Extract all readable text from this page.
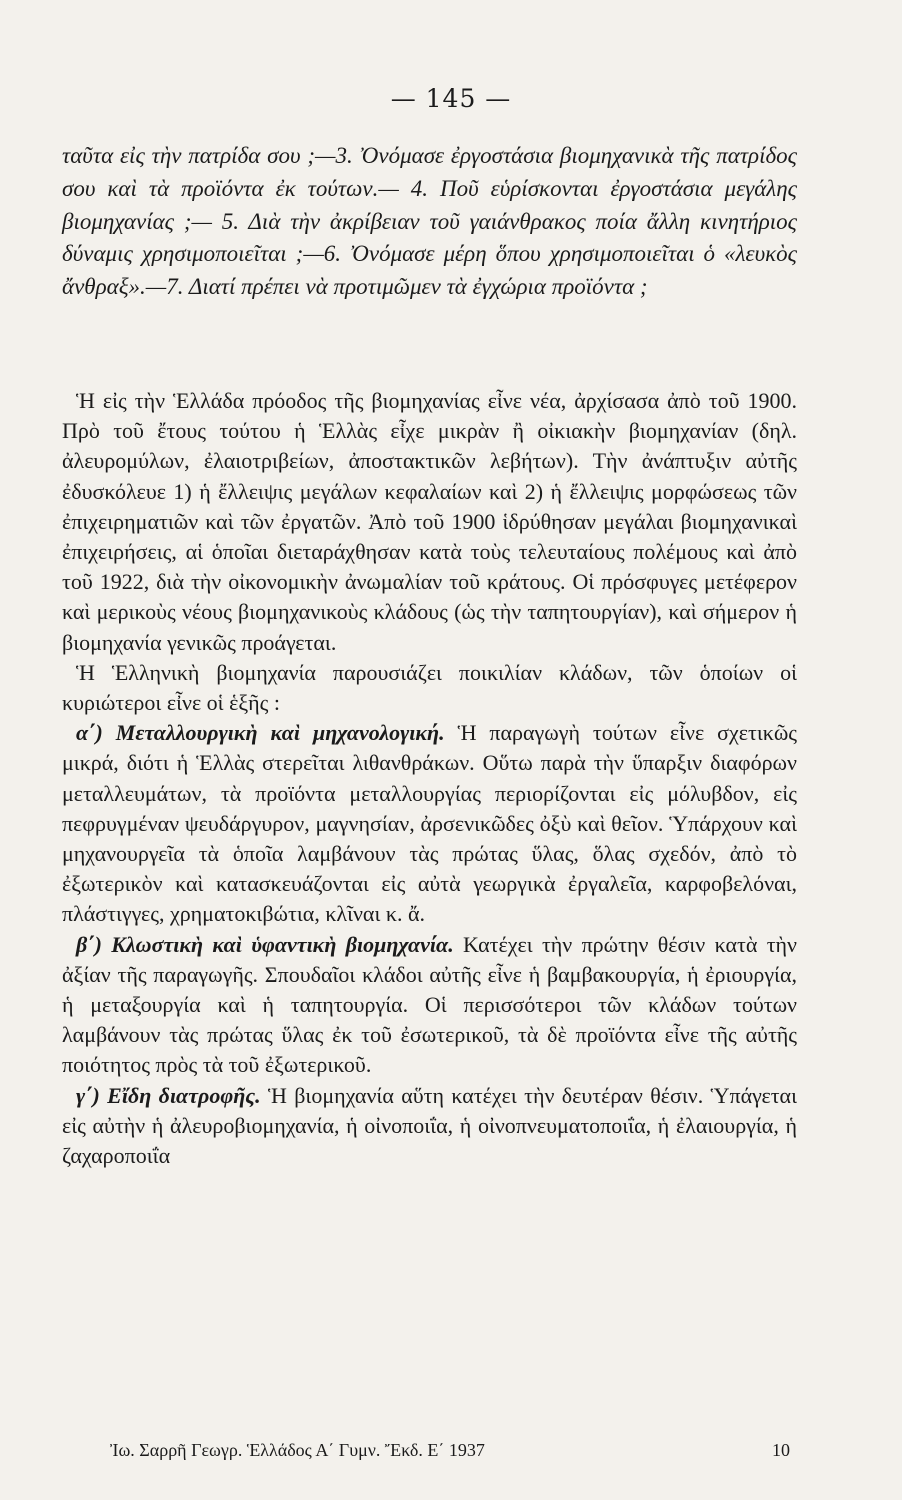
— 145 —
ταῦτα εἰς τὴν πατρίδα σου ;—3. Ὀνόμασε ἐργοστάσια βιομηχανικὰ τῆς πατρίδος σου καὶ τὰ προϊόντα ἐκ τούτων.— 4. Ποῦ εὑρίσκονται ἐργοστάσια μεγάλης βιομηχανίας ;— 5. Διὰ τὴν ἀκρίβειαν τοῦ γαιάνθρακος ποία ἄλλη κινητήριος δύναμις χρησιμοποιεῖται ;—6. Ὀνόμασε μέρη ὅπου χρησιμοποιεῖται ὁ «λευκὸς ἄνθραξ».—7. Διατί πρέπει νὰ προτιμῶμεν τὰ ἐγχώρια προϊόντα ;

Ἡ εἰς τὴν Ἑλλάδα πρόοδος τῆς βιομηχανίας εἶνε νέα, ἀρχίσασα ἀπὸ τοῦ 1900. Πρὸ τοῦ ἔτους τούτου ἡ Ἑλλὰς εἶχε μικρὰν ἢ οἰκιακὴν βιομηχανίαν (δηλ. ἀλευρομύλων, ἐλαιοτριβείων, ἀποστακτικῶν λεβήτων). Τὴν ἀνάπτυξιν αὐτῆς ἐδυσκόλευε 1) ἡ ἔλλειψις μεγάλων κεφαλαίων καὶ 2) ἡ ἔλλειψις μορφώσεως τῶν ἐπιχειρηματιῶν καὶ τῶν ἐργατῶν. Ἀπὸ τοῦ 1900 ἱδρύθησαν μεγάλαι βιομηχανικαὶ ἐπιχειρήσεις, αἱ ὁποῖαι διεταράχθησαν κατὰ τοὺς τελευταίους πολέμους καὶ ἀπὸ τοῦ 1922, διὰ τὴν οἰκονομικὴν ἀνωμαλίαν τοῦ κράτους. Οἱ πρόσφυγες μετέφερον καὶ μερικοὺς νέους βιομηχανικοὺς κλάδους (ὡς τὴν ταπητουργίαν), καὶ σήμερον ἡ βιομηχανία γενικῶς προάγεται.

Ἡ Ἑλληνικὴ βιομηχανία παρουσιάζει ποικιλίαν κλάδων, τῶν ὁποίων οἱ κυριώτεροι εἶνε οἱ ἑξῆς :

α΄) Μεταλλουργικὴ καὶ μηχανολογική. Ἡ παραγωγὴ τούτων εἶνε σχετικῶς μικρά, διότι ἡ Ἑλλὰς στερεῖται λιθανθράκων. Οὕτω παρὰ τὴν ὕπαρξιν διαφόρων μεταλλευμάτων, τὰ προϊόντα μεταλλουργίας περιορίζονται εἰς μόλυβδον, εἰς πεφρυγμέναν ψευδάργυρον, μαγνησίαν, ἀρσενικῶδες ὀξὺ καὶ θεῖον. Ὑπάρχουν καὶ μηχανουργεῖα τὰ ὁποῖα λαμβάνουν τὰς πρώτας ὕλας, ὅλας σχεδόν, ἀπὸ τὸ ἐξωτερικὸν καὶ κατασκευάζονται εἰς αὐτὰ γεωργικὰ ἐργαλεῖα, καρφοβελόναι, πλάστιγγες, χρηματοκιβώτια, κλῖναι κ. ἄ.

β΄) Κλωστικὴ καὶ ὑφαντικὴ βιομηχανία. Κατέχει τὴν πρώτην θέσιν κατὰ τὴν ἀξίαν τῆς παραγωγῆς. Σπουδαῖοι κλάδοι αὐτῆς εἶνε ἡ βαμβακουργία, ἡ ἐριουργία, ἡ μεταξουργία καὶ ἡ ταπητουργία. Οἱ περισσότεροι τῶν κλάδων τούτων λαμβάνουν τὰς πρώτας ὕλας ἐκ τοῦ ἐσωτερικοῦ, τὰ δὲ προϊόντα εἶνε τῆς αὐτῆς ποιότητος πρὸς τὰ τοῦ ἐξωτερικοῦ.

γ΄) Εἴδη διατροφῆς. Ἡ βιομηχανία αὕτη κατέχει τὴν δευτέραν θέσιν. Ὑπάγεται εἰς αὐτὴν ἡ ἀλευροβιομηχανία, ἡ οἰνοποιΐα, ἡ οἰνοπνευματοποιΐα, ἡ ἐλαιουργία, ἡ ζαχαροποιΐα

Ἰω. Σαρρῆ Γεωγρ. Ἑλλάδος Α΄ Γυμν. Ἔκδ. Ε΄ 1937	10
